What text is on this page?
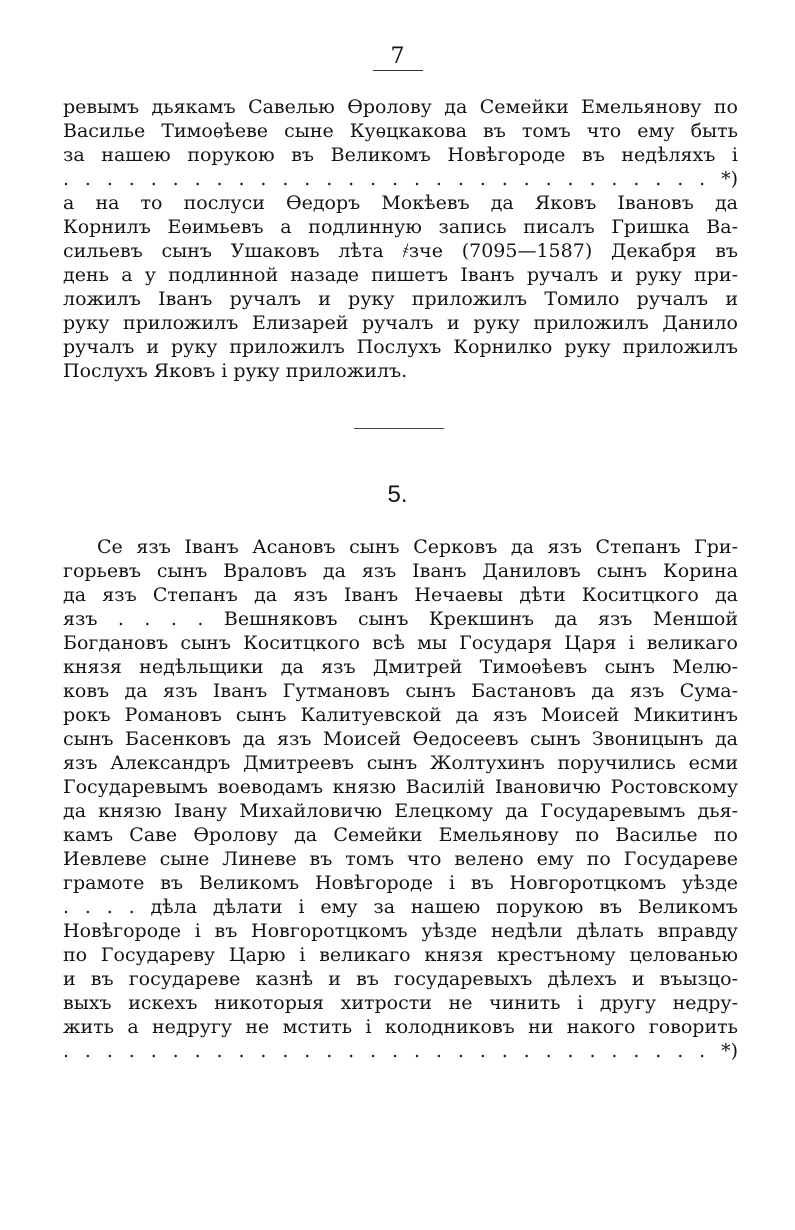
7
ревымъ дьякамъ Савелью Ѳролову да Семейки Емельянову по
Василье Тимоѳѣеве сыне Куѳцкакова въ томъ что ему быть
за нашею порукою въ Великомъ Новѣгороде въ недѣляхъ і
. . . . . . . . . . . . . . . . . . . . . . . . . . . . . . *)
а на то послуси Ѳедоръ Мокѣевъ да Яковъ Івановъ да
Корнилъ Еѳимьевъ а подлинную запись писалъ Гришка Ва-
сильевъ сынъ Ушаковъ лѣта ҂зче (7095—1587) Декабря въ
день а у подлинной назаде пишетъ Іванъ ручалъ и руку при-
ложилъ Іванъ ручалъ и руку приложилъ Томило ручалъ и
руку приложилъ Елизарей ручалъ и руку приложилъ Данило
ручалъ и руку приложилъ Послухъ Корнилко руку приложилъ
Послухъ Яковъ і руку приложилъ.
5.
Се язъ Іванъ Асановъ сынъ Серковъ да язъ Степанъ Гри-
горьевъ сынъ Враловъ да язъ Іванъ Даниловъ сынъ Корина
да язъ Степанъ да язъ Іванъ Нечаевы дѣти Коситцкого да
язъ . . . . Вешняковъ сынъ Крекшинъ да язъ Меншой
Богдановъ сынъ Коситцкого всѣ мы Государя Царя і великаго
князя недѣльщики да язъ Дмитрей Тимоѳѣевъ сынъ Мелю-
ковъ да язъ Іванъ Гутмановъ сынъ Бастановъ да язъ Сума-
рокъ Романовъ сынъ Калитуевской да язъ Моисей Микитинъ
сынъ Басенковъ да язъ Моисей Ѳедосеевъ сынъ Звоницынъ да
язъ Александръ Дмитреевъ сынъ Жолтухинъ поручились есми
Государевымъ воеводамъ князю Василій Івановичю Ростовскому
да князю Івану Михайловичю Елецкому да Государевымъ дья-
камъ Саве Ѳролову да Семейки Емельянову по Василье по
Иевлеве сыне Линеве въ томъ что велено ему по Государеве
грамоте въ Великомъ Новѣгороде і въ Новгоротцкомъ уѣзде
. . . . дѣла дѣлати і ему за нашею порукою въ Великомъ
Новѣгороде і въ Новгоротцкомъ уѣзде недѣли дѣлать вправду
по Государеву Царю і великаго князя крестъному целованью
и въ государеве казнѣ и въ государевыхъ дѣлехъ и въызцо-
выхъ искехъ никоторыя хитрости не чинить і другу недру-
жить а недругу не мстить і колодниковъ ни накого говорить
. . . . . . . . . . . . . . . . . . . . . . . . . . . . . . *)
